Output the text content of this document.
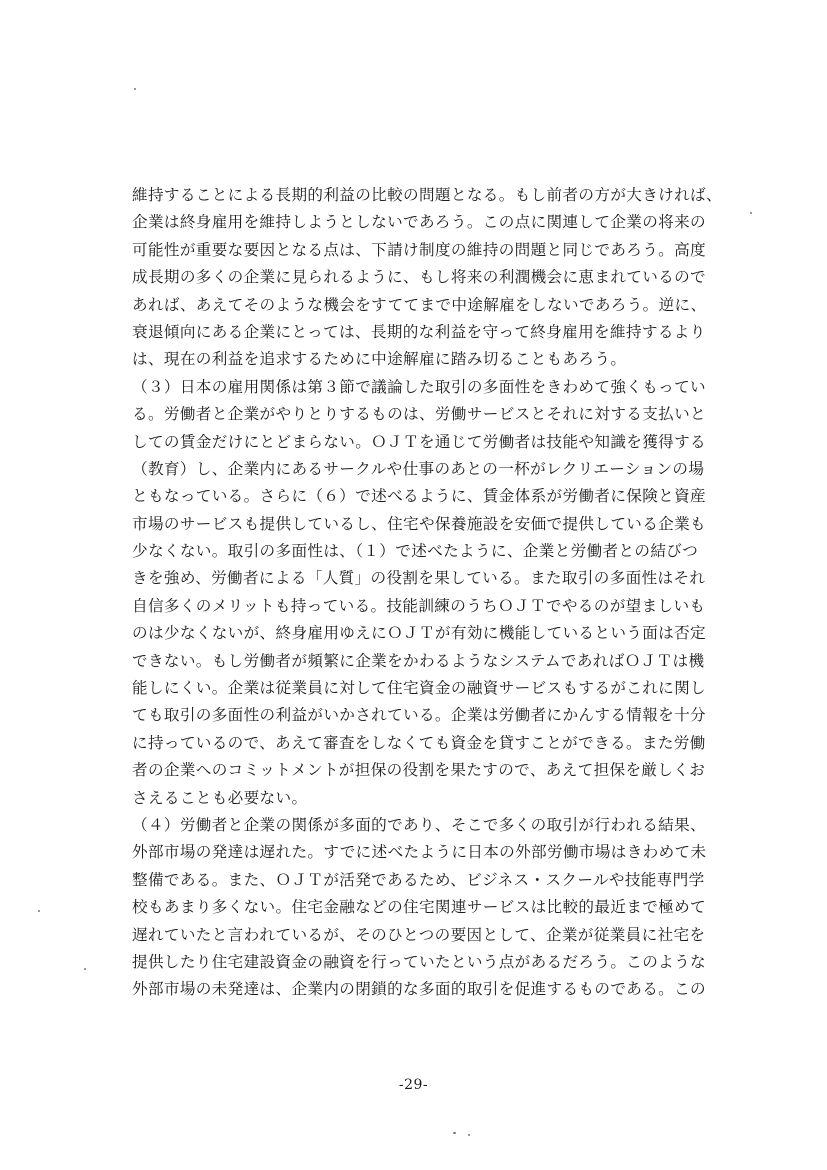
維持することによる長期的利益の比較の問題となる。もし前者の方が大きければ、
企業は終身雇用を維持しようとしないであろう。この点に関連して企業の将来の
可能性が重要な要因となる点は、下請け制度の維持の問題と同じであろう。高度
成長期の多くの企業に見られるように、もし将来の利潤機会に恵まれているので
あれば、あえてそのような機会をすててまで中途解雇をしないであろう。逆に、
衰退傾向にある企業にとっては、長期的な利益を守って終身雇用を維持するより
は、現在の利益を追求するために中途解雇に踏み切ることもあろう。
（３）日本の雇用関係は第３節で議論した取引の多面性をきわめて強くもってい
る。労働者と企業がやりとりするものは、労働サービスとそれに対する支払いと
しての賃金だけにとどまらない。ＯＪＴを通じて労働者は技能や知識を獲得する
（教育）し、企業内にあるサークルや仕事のあとの一杯がレクリエーションの場
ともなっている。さらに（６）で述べるように、賃金体系が労働者に保険と資産
市場のサービスも提供しているし、住宅や保養施設を安価で提供している企業も
少なくない。取引の多面性は、（１）で述べたように、企業と労働者との結びつ
きを強め、労働者による「人質」の役割を果している。また取引の多面性はそれ
自信多くのメリットも持っている。技能訓練のうちＯＪＴでやるのが望ましいも
のは少なくないが、終身雇用ゆえにＯＪＴが有効に機能しているという面は否定
できない。もし労働者が頻繁に企業をかわるようなシステムであればＯＪＴは機
能しにくい。企業は従業員に対して住宅資金の融資サービスもするがこれに関し
ても取引の多面性の利益がいかされている。企業は労働者にかんする情報を十分
に持っているので、あえて審査をしなくても資金を貸すことができる。また労働
者の企業へのコミットメントが担保の役割を果たすので、あえて担保を厳しくお
さえることも必要ない。
（４）労働者と企業の関係が多面的であり、そこで多くの取引が行われる結果、
外部市場の発達は遅れた。すでに述べたように日本の外部労働市場はきわめて未
整備である。また、ＯＪＴが活発であるため、ビジネス・スクールや技能専門学
校もあまり多くない。住宅金融などの住宅関連サービスは比較的最近まで極めて
遅れていたと言われているが、そのひとつの要因として、企業が従業員に社宅を
提供したり住宅建設資金の融資を行っていたという点があるだろう。このような
外部市場の未発達は、企業内の閉鎖的な多面的取引を促進するものである。この
-29-
